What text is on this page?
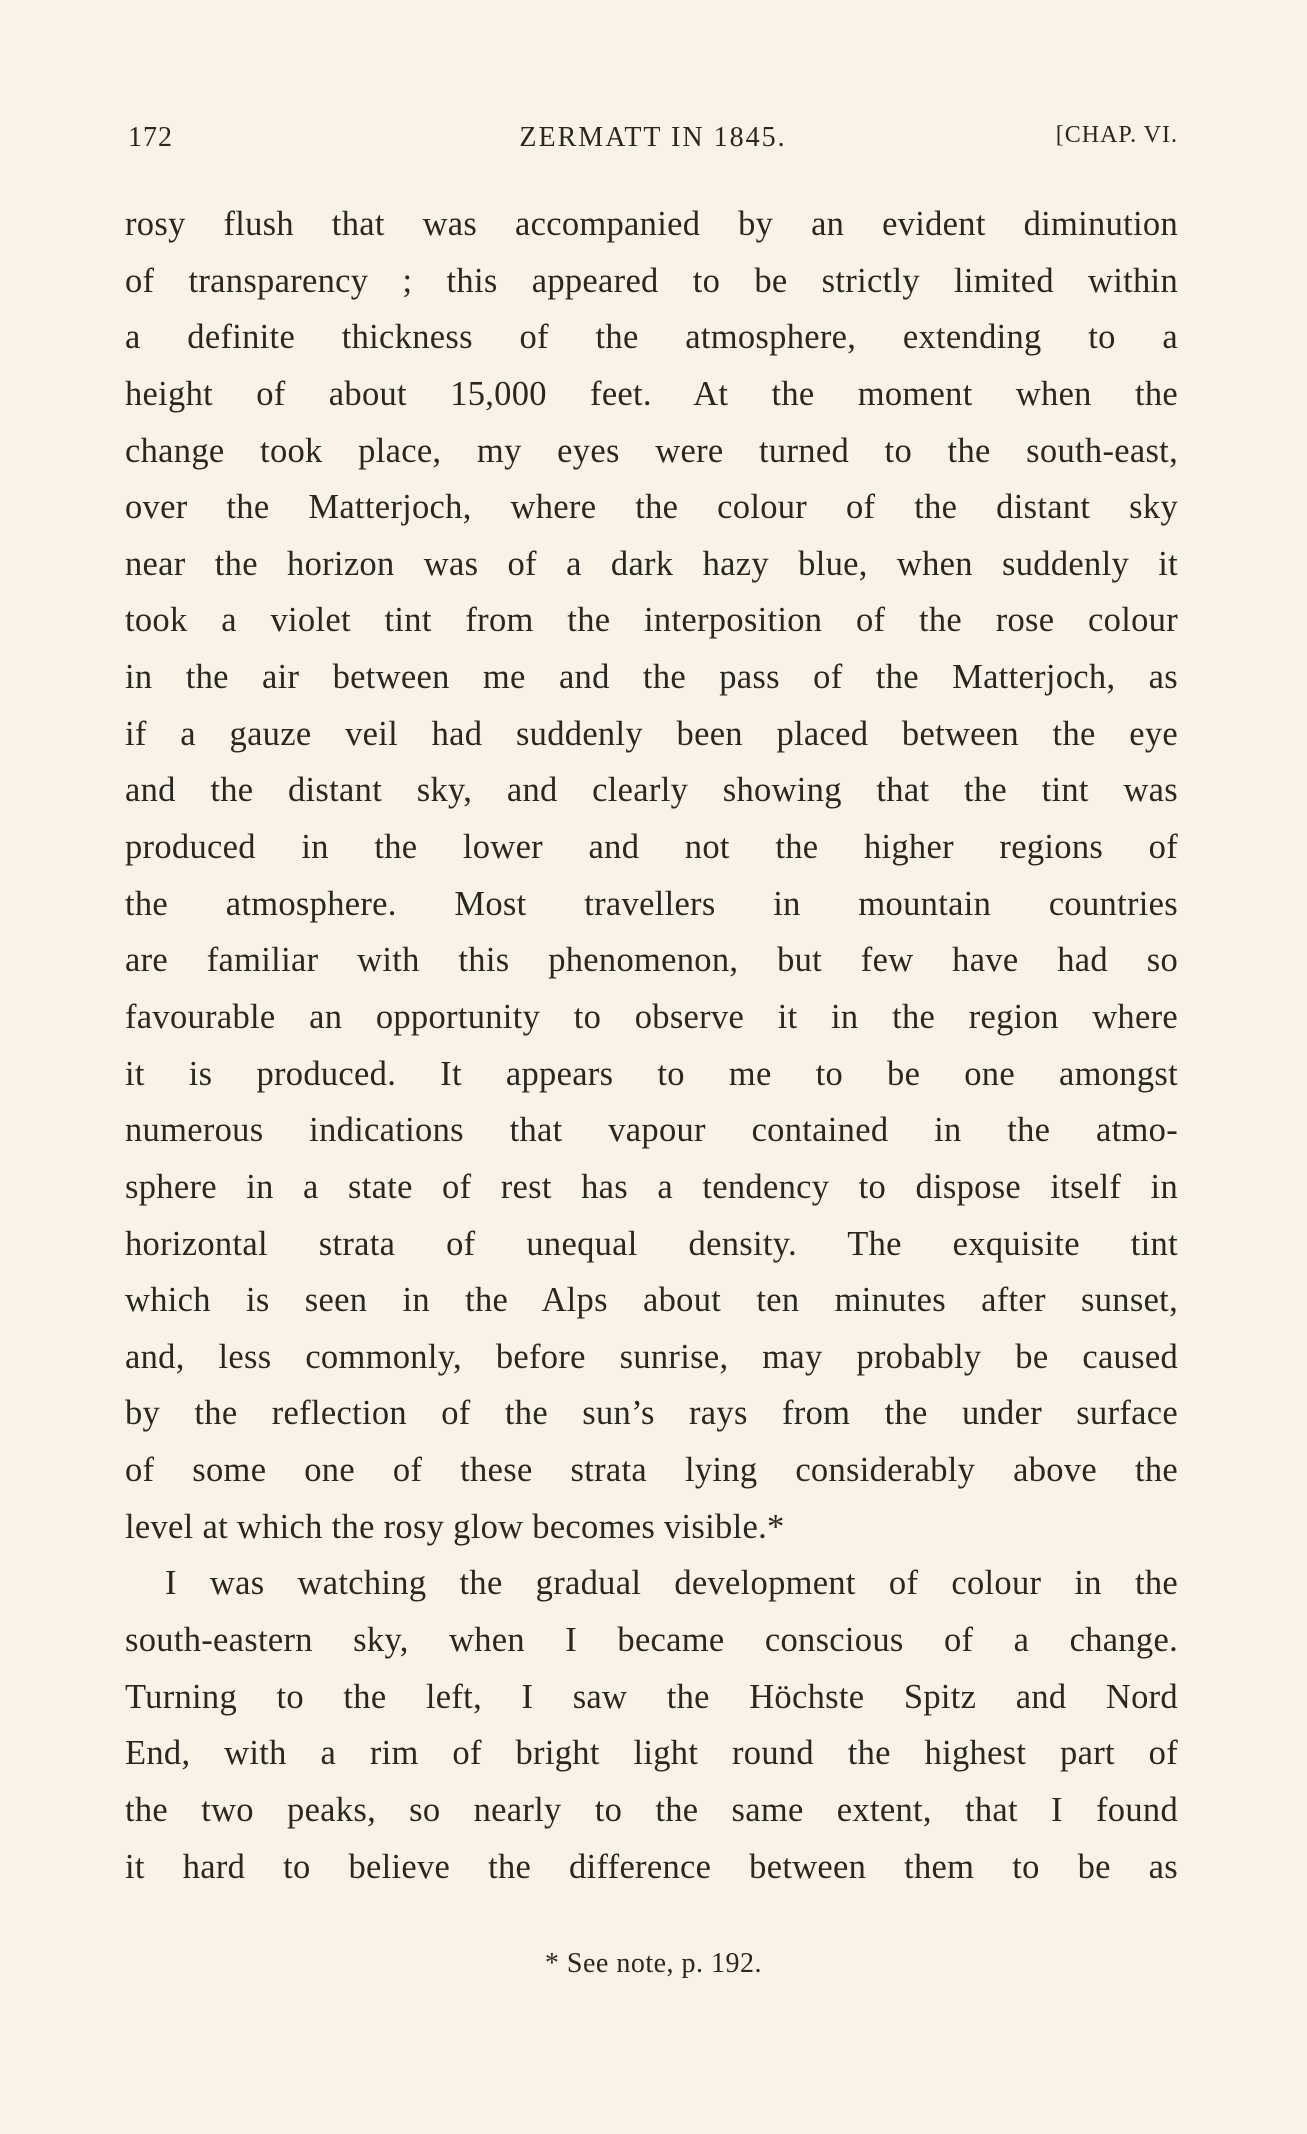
172	ZERMATT IN 1845.	[CHAP. VI.
rosy flush that was accompanied by an evident diminution
of transparency ; this appeared to be strictly limited within
a definite thickness of the atmosphere, extending to a
height of about 15,000 feet. At the moment when the
change took place, my eyes were turned to the south-east,
over the Matterjoch, where the colour of the distant sky
near the horizon was of a dark hazy blue, when suddenly it
took a violet tint from the interposition of the rose colour
in the air between me and the pass of the Matterjoch, as
if a gauze veil had suddenly been placed between the eye
and the distant sky, and clearly showing that the tint was
produced in the lower and not the higher regions of
the atmosphere. Most travellers in mountain countries
are familiar with this phenomenon, but few have had so
favourable an opportunity to observe it in the region where
it is produced. It appears to me to be one amongst
numerous indications that vapour contained in the atmo-
sphere in a state of rest has a tendency to dispose itself in
horizontal strata of unequal density. The exquisite tint
which is seen in the Alps about ten minutes after sunset,
and, less commonly, before sunrise, may probably be caused
by the reflection of the sun’s rays from the under surface
of some one of these strata lying considerably above the
level at which the rosy glow becomes visible.*
I was watching the gradual development of colour in the
south-eastern sky, when I became conscious of a change.
Turning to the left, I saw the Höchste Spitz and Nord
End, with a rim of bright light round the highest part of
the two peaks, so nearly to the same extent, that I found
it hard to believe the difference between them to be as
* See note, p. 192.
